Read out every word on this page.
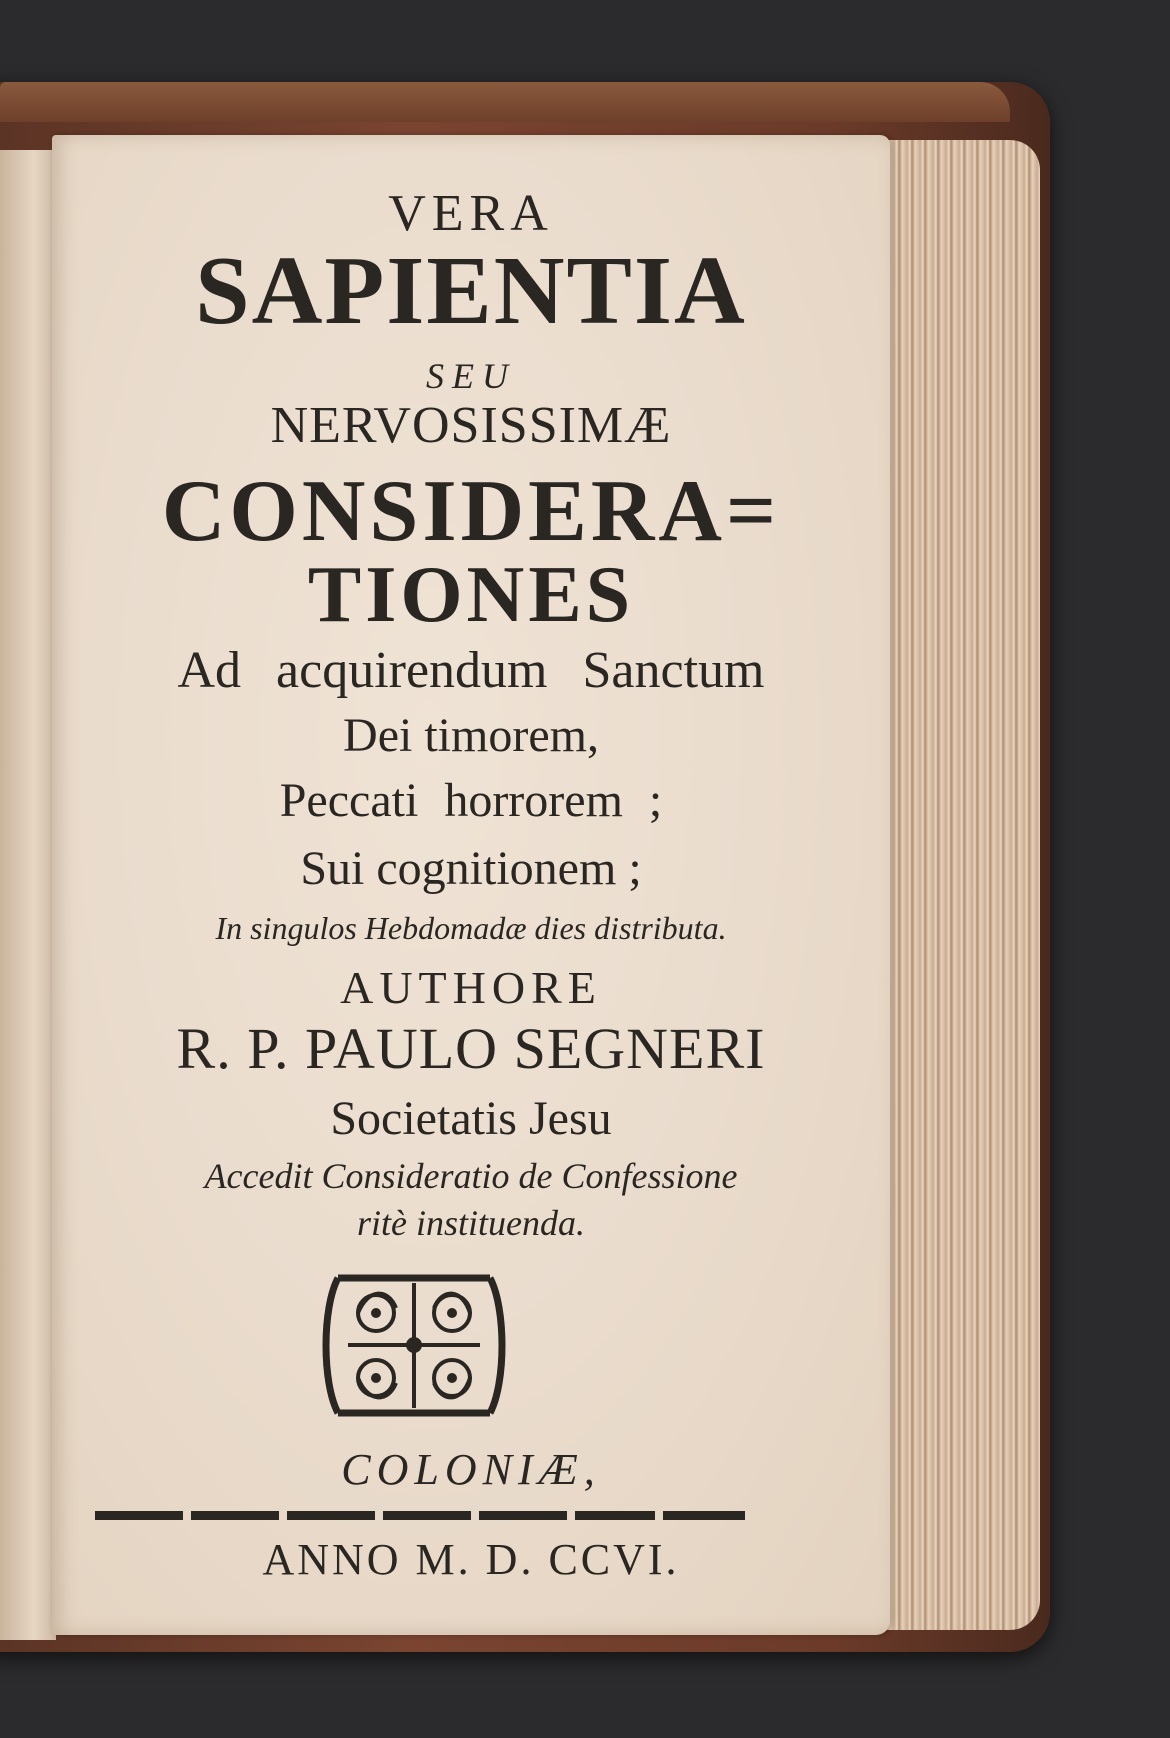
VERA

SAPIENTIA

SEU

NERVOSISSIMÆ

CONSIDERA=

TIONES

Ad acquirendum Sanctum

Dei timorem,

Peccati horrorem ;

Sui cognitionem ;

In singulos Hebdomadæ dies distributa.

AUTHORE

R. P. PAULO SEGNERI

Societatis Jesu

Accedit Consideratio de Confessione

ritè instituenda.

COLONIÆ,

ANNO M. D. CCVI.
